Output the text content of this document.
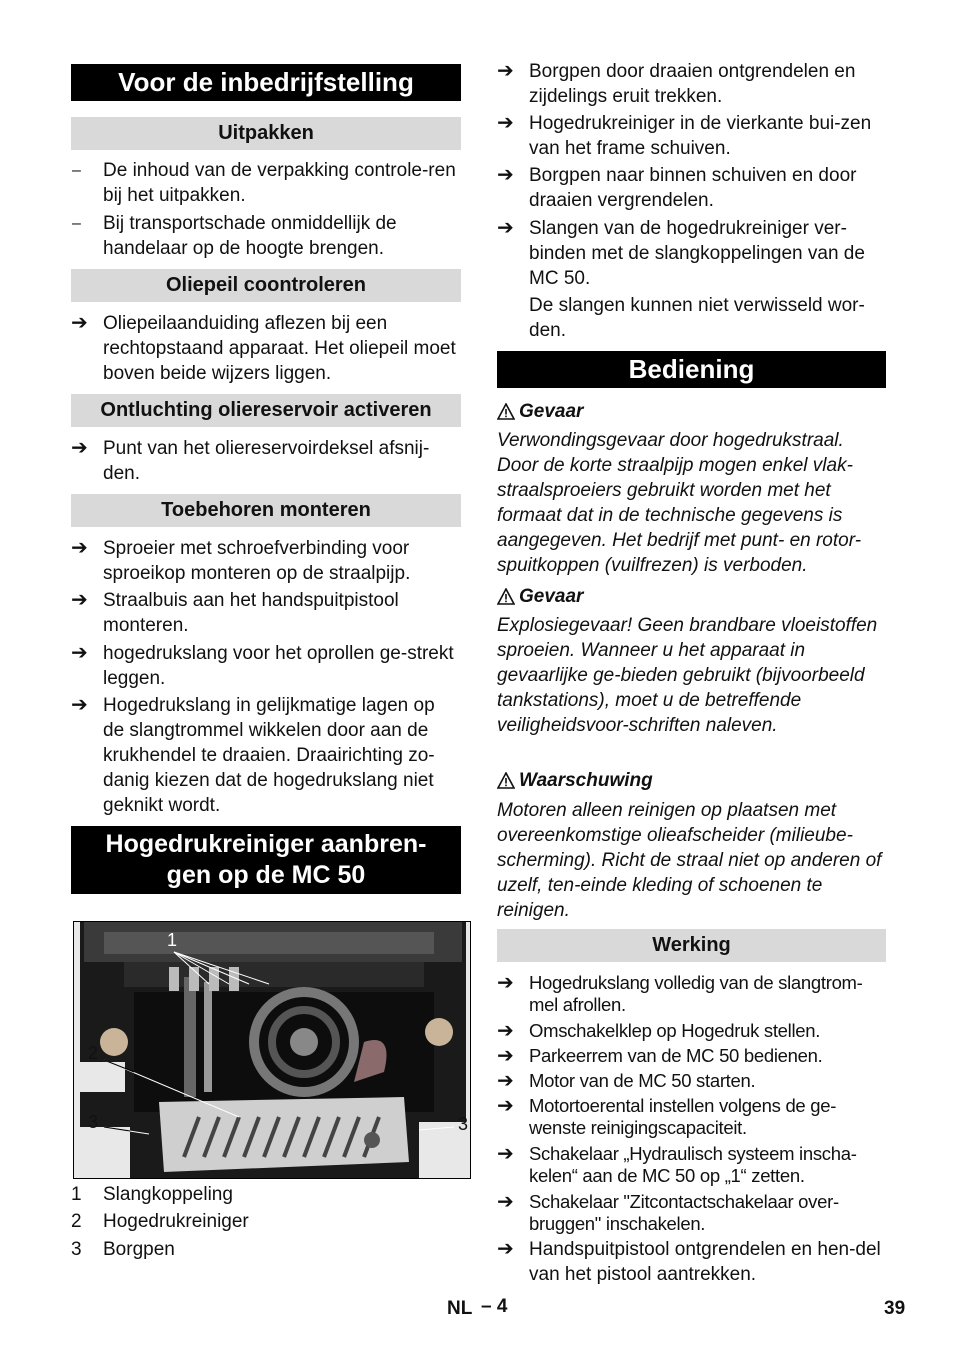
Voor de inbedrijfstelling
Uitpakken
–	De inhoud van de verpakking controle-ren bij het uitpakken.
–	Bij transportschade onmiddellijk de handelaar op de hoogte brengen.
Oliepeil coontroleren
➔ Oliepeilaanduiding aflezen bij een rechtopstaand apparaat. Het oliepeil moet boven beide wijzers liggen.
Ontluchting oliereservoir activeren
➔ Punt van het oliereservoirdeksel afsnij-den.
Toebehoren monteren
➔ Sproeier met schroefverbinding voor sproeikop monteren op de straalpijp.
➔ Straalbuis aan het handspuitpistool monteren.
➔ hogedrukslang voor het oprollen ge-strekt leggen.
➔ Hogedrukslang in gelijkmatige lagen op de slangtrommel wikkelen door aan de krukhendel te draaien. Draairichting zo-danig kiezen dat de hogedrukslang niet geknikt wordt.
Hogedrukreiniger aanbren-
gen op de MC 50
1
2
3	3
1	Slangkoppeling
2	Hogedrukreiniger
3	Borgpen
➔ Borgpen door draaien ontgrendelen en zijdelings eruit trekken.
➔ Hogedrukreiniger in de vierkante bui-zen van het frame schuiven.
➔ Borgpen naar binnen schuiven en door draaien vergrendelen.
➔ Slangen van de hogedrukreiniger ver-binden met de slangkoppelingen van de MC 50.
De slangen kunnen niet verwisseld wor-den.
Bediening
Gevaar
Verwondingsgevaar door hogedrukstraal. Door de korte straalpijp mogen enkel vlak-straalsproeiers gebruikt worden met het formaat dat in de technische gegevens is aangegeven. Het bedrijf met punt- en rotor-spuitkoppen (vuilfrezen) is verboden.
Gevaar
Explosiegevaar! Geen brandbare vloeistoffen sproeien. Wanneer u het apparaat in gevaarlijke ge-bieden gebruikt (bijvoorbeeld tankstations), moet u de betreffende veiligheidsvoor-schriften naleven.
Waarschuwing
Motoren alleen reinigen op plaatsen met overeenkomstige olieafscheider (milieube-scherming). Richt de straal niet op anderen of uzelf, ten-einde kleding of schoenen te reinigen.
Werking
➔ Hogedrukslang volledig van de slangtrom-mel afrollen.
➔ Omschakelklep op Hogedruk stellen.
➔ Parkeerrem van de MC 50 bedienen.
➔ Motor van de MC 50 starten.
➔ Motortoerental instellen volgens de ge-wenste reinigingscapaciteit.
➔ Schakelaar „Hydraulisch systeem inscha-kelen“ aan de MC 50 op „1“ zetten.
➔ Schakelaar "Zitcontactschakelaar over-bruggen" inschakelen.
➔ Handspuitpistool ontgrendelen en hen-del van het pistool aantrekken.
NL – 4	39
